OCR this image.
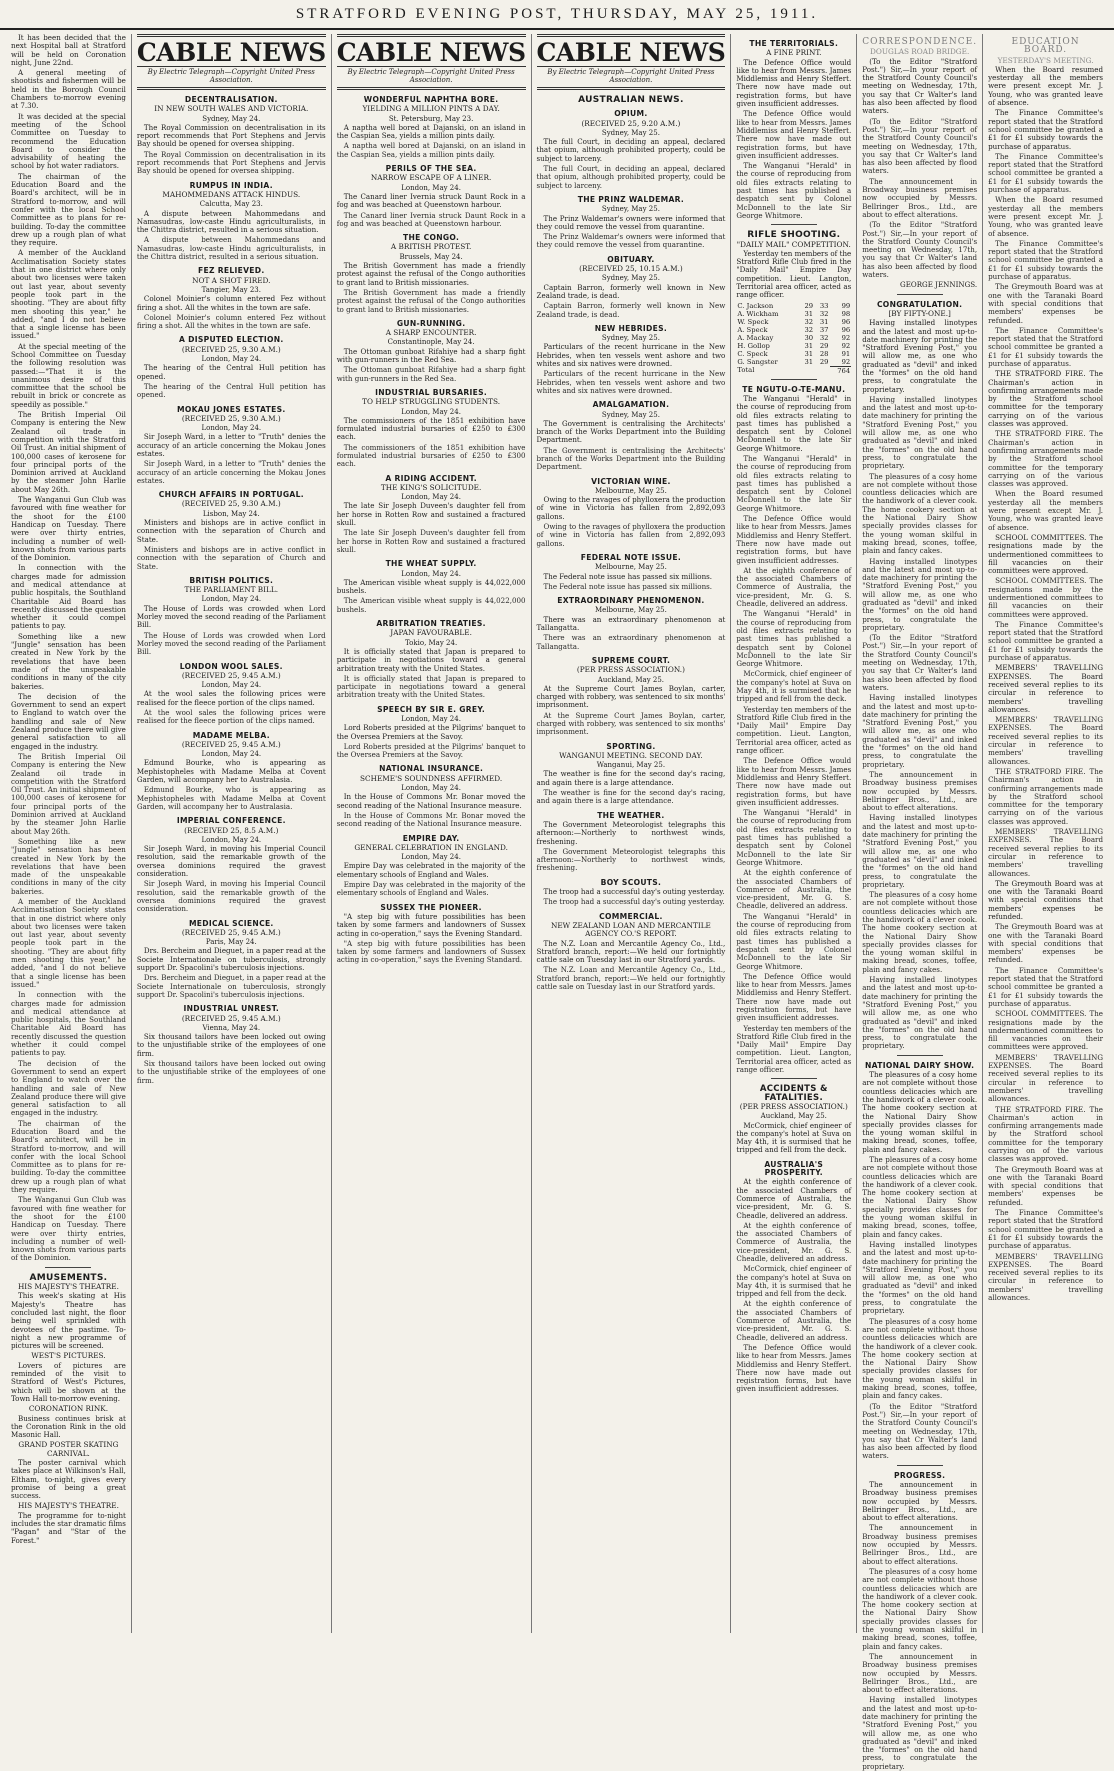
STRATFORD EVENING POST, THURSDAY, MAY 25, 1911.

It has been decided that the next Hospital ball at Stratford will be held on Coronation night, June 22nd.

A general meeting of shootists and fishermen will be held in the Borough Council Chambers to-morrow evening at 7.30.

It was decided at the special meeting of the School Committee on Tuesday to recommend the Education Board to consider the advisability of heating the school by hot water radiators.

The chairman of the Education Board and the Board's architect, will be in Stratford to-morrow, and will confer with the local School Committee as to plans for re-building. To-day the committee drew up a rough plan of what they require.

A member of the Auckland Acclimatisation Society states that in one district where only about two licenses were taken out last year, about seventy people took part in the shooting. "They are about fifty men shooting this year," he added, "and I do not believe that a single license has been issued."

At the special meeting of the School Committee on Tuesday the following resolution was passed:—"That it is the unanimous desire of this committee that the school be rebuilt in brick or concrete as speedily as possible."

The British Imperial Oil Company is entering the New Zealand oil trade in competition with the Stratford Oil Trust. An initial shipment of 100,000 cases of kerosene for four principal ports of the Dominion arrived at Auckland by the steamer John Harlie about May 26th.

The Wanganui Gun Club was favoured with fine weather for the shoot for the £100 Handicap on Tuesday. There were over thirty entries, including a number of well-known shots from various parts of the Dominion.

In connection with the charges made for admission and medical attendance at public hospitals, the Southland Charitable Aid Board has recently discussed the question whether it could compel patients to pay.

Something like a new "Jungle" sensation has been created in New York by the revelations that have been made of the unspeakable conditions in many of the city bakeries.

The decision of the Government to send an expert to England to watch over the handling and sale of New Zealand produce there will give general satisfaction to all engaged in the industry.

The British Imperial Oil Company is entering the New Zealand oil trade in competition with the Stratford Oil Trust. An initial shipment of 100,000 cases of kerosene for four principal ports of the Dominion arrived at Auckland by the steamer John Harlie about May 26th.

Something like a new "Jungle" sensation has been created in New York by the revelations that have been made of the unspeakable conditions in many of the city bakeries.

A member of the Auckland Acclimatisation Society states that in one district where only about two licenses were taken out last year, about seventy people took part in the shooting. "They are about fifty men shooting this year," he added, "and I do not believe that a single license has been issued."

In connection with the charges made for admission and medical attendance at public hospitals, the Southland Charitable Aid Board has recently discussed the question whether it could compel patients to pay.

The decision of the Government to send an expert to England to watch over the handling and sale of New Zealand produce there will give general satisfaction to all engaged in the industry.

The chairman of the Education Board and the Board's architect, will be in Stratford to-morrow, and will confer with the local School Committee as to plans for re-building. To-day the committee drew up a rough plan of what they require.

The Wanganui Gun Club was favoured with fine weather for the shoot for the £100 Handicap on Tuesday. There were over thirty entries, including a number of well-known shots from various parts of the Dominion.

AMUSEMENTS.
HIS MAJESTY'S THEATRE.

This week's skating at His Majesty's Theatre has concluded last night, the floor being well sprinkled with devotees of the pastime. To-night a new programme of pictures will be screened.

WEST'S PICTURES.

Lovers of pictures are reminded of the visit to Stratford of West's Pictures, which will be shown at the Town Hall to-morrow evening.

CORONATION RINK.

Business continues brisk at the Coronation Rink in the old Masonic Hall.

GRAND POSTER SKATING CARNIVAL.

The poster carnival which takes place at Wilkinson's Hall, Eltham, to-night, gives every promise of being a great success.

HIS MAJESTY'S THEATRE.

The programme for to-night includes the star dramatic films "Pagan" and "Star of the Forest."

CABLE NEWS
By Electric Telegraph—Copyright United Press Association.
DECENTRALISATION.
IN NEW SOUTH WALES AND VICTORIA.
Sydney, May 24.

The Royal Commission on decentralisation in its report recommends that Port Stephens and Jervis Bay should be opened for oversea shipping.

The Royal Commission on decentralisation in its report recommends that Port Stephens and Jervis Bay should be opened for oversea shipping.

RUMPUS IN INDIA.
MAHOMMEDANS ATTACK HINDUS.
Calcutta, May 23.

A dispute between Mahommedans and Namasudras, low-caste Hindu agriculturalists, in the Chittra district, resulted in a serious situation.

A dispute between Mahommedans and Namasudras, low-caste Hindu agriculturalists, in the Chittra district, resulted in a serious situation.

FEZ RELIEVED.
NOT A SHOT FIRED.
Tangier, May 23.

Colonel Moinier's column entered Fez without firing a shot. All the whites in the town are safe.

Colonel Moinier's column entered Fez without firing a shot. All the whites in the town are safe.

A DISPUTED ELECTION.
(RECEIVED 25, 9.30 A.M.)
London, May 24.

The hearing of the Central Hull petition has opened.

The hearing of the Central Hull petition has opened.

MOKAU JONES ESTATES.
(RECEIVED 25, 9.30 A.M.)
London, May 24.

Sir Joseph Ward, in a letter to "Truth" denies the accuracy of an article concerning the Mokau Jones estates.

Sir Joseph Ward, in a letter to "Truth" denies the accuracy of an article concerning the Mokau Jones estates.

CHURCH AFFAIRS IN PORTUGAL.
(RECEIVED 25, 9.30 A.M.)
Lisbon, May 24.

Ministers and bishops are in active conflict in connection with the separation of Church and State.

Ministers and bishops are in active conflict in connection with the separation of Church and State.

BRITISH POLITICS.
THE PARLIAMENT BILL.
London, May 24.

The House of Lords was crowded when Lord Morley moved the second reading of the Parliament Bill.

The House of Lords was crowded when Lord Morley moved the second reading of the Parliament Bill.

LONDON WOOL SALES.
(RECEIVED 25, 9.45 A.M.)
London, May 24.

At the wool sales the following prices were realised for the fleece portion of the clips named.

At the wool sales the following prices were realised for the fleece portion of the clips named.

MADAME MELBA.
(RECEIVED 25, 9.45 A.M.)
London, May 24.

Edmund Bourke, who is appearing as Mephistopheles with Madame Melba at Covent Garden, will accompany her to Australasia.

Edmund Bourke, who is appearing as Mephistopheles with Madame Melba at Covent Garden, will accompany her to Australasia.

IMPERIAL CONFERENCE.
(RECEIVED 25, 8.5 A.M.)
London, May 24.

Sir Joseph Ward, in moving his Imperial Council resolution, said the remarkable growth of the oversea dominions required the gravest consideration.

Sir Joseph Ward, in moving his Imperial Council resolution, said the remarkable growth of the oversea dominions required the gravest consideration.

MEDICAL SCIENCE.
(RECEIVED 25, 9.45 A.M.)
Paris, May 24.

Drs. Bercheim and Dieguet, in a paper read at the Societe Internationale on tuberculosis, strongly support Dr. Spacolini's tuberculosis injections.

Drs. Bercheim and Dieguet, in a paper read at the Societe Internationale on tuberculosis, strongly support Dr. Spacolini's tuberculosis injections.

INDUSTRIAL UNREST.
(RECEIVED 25, 9.45 A.M.)
Vienna, May 24.

Six thousand tailors have been locked out owing to the unjustifiable strike of the employees of one firm.

Six thousand tailors have been locked out owing to the unjustifiable strike of the employees of one firm.

CABLE NEWS
By Electric Telegraph—Copyright United Press Association.
WONDERFUL NAPHTHA BORE.
YIELDING A MILLION PINTS A DAY.
St. Petersburg, May 23.

A naptha well bored at Dajanski, on an island in the Caspian Sea, yields a million pints daily.

A naptha well bored at Dajanski, on an island in the Caspian Sea, yields a million pints daily.

PERILS OF THE SEA.
NARROW ESCAPE OF A LINER.
London, May 24.

The Canard liner Ivernia struck Daunt Rock in a fog and was beached at Queenstown harbour.

The Canard liner Ivernia struck Daunt Rock in a fog and was beached at Queenstown harbour.

THE CONGO.
A BRITISH PROTEST.
Brussels, May 24.

The British Government has made a friendly protest against the refusal of the Congo authorities to grant land to British missionaries.

The British Government has made a friendly protest against the refusal of the Congo authorities to grant land to British missionaries.

GUN-RUNNING.
A SHARP ENCOUNTER.
Constantinople, May 24.

The Ottoman gunboat Rifahiye had a sharp fight with gun-runners in the Red Sea.

The Ottoman gunboat Rifahiye had a sharp fight with gun-runners in the Red Sea.

INDUSTRIAL BURSARIES.
TO HELP STRUGGLING STUDENTS.
London, May 24.

The commissioners of the 1851 exhibition have formulated industrial bursaries of £250 to £300 each.

The commissioners of the 1851 exhibition have formulated industrial bursaries of £250 to £300 each.

A RIDING ACCIDENT.
THE KING'S SOLICITUDE.
London, May 24.

The late Sir Joseph Duveen's daughter fell from her horse in Rotten Row and sustained a fractured skull.

The late Sir Joseph Duveen's daughter fell from her horse in Rotten Row and sustained a fractured skull.

THE WHEAT SUPPLY.
London, May 24.

The American visible wheat supply is 44,022,000 bushels.

The American visible wheat supply is 44,022,000 bushels.

ARBITRATION TREATIES.
JAPAN FAVOURABLE.
Tokio, May 24.

It is officially stated that Japan is prepared to participate in negotiations toward a general arbitration treaty with the United States.

It is officially stated that Japan is prepared to participate in negotiations toward a general arbitration treaty with the United States.

SPEECH BY SIR E. GREY.
London, May 24.

Lord Roberts presided at the Pilgrims' banquet to the Oversea Premiers at the Savoy.

Lord Roberts presided at the Pilgrims' banquet to the Oversea Premiers at the Savoy.

NATIONAL INSURANCE.
SCHEME'S SOUNDNESS AFFIRMED.
London, May 24.

In the House of Commons Mr. Bonar moved the second reading of the National Insurance measure.

In the House of Commons Mr. Bonar moved the second reading of the National Insurance measure.

EMPIRE DAY.
GENERAL CELEBRATION IN ENGLAND.
London, May 24.

Empire Day was celebrated in the majority of the elementary schools of England and Wales.

Empire Day was celebrated in the majority of the elementary schools of England and Wales.

SUSSEX THE PIONEER.

"A step big with future possibilities has been taken by some farmers and landowners of Sussex acting in co-operation," says the Evening Standard.

"A step big with future possibilities has been taken by some farmers and landowners of Sussex acting in co-operation," says the Evening Standard.

CABLE NEWS
By Electric Telegraph—Copyright United Press Association.
AUSTRALIAN NEWS.
OPIUM.
(RECEIVED 25, 9.20 A.M.)
Sydney, May 25.

The full Court, in deciding an appeal, declared that opium, although prohibited property, could be subject to larceny.

The full Court, in deciding an appeal, declared that opium, although prohibited property, could be subject to larceny.

THE PRINZ WALDEMAR.
Sydney, May 25.

The Prinz Waldemar's owners were informed that they could remove the vessel from quarantine.

The Prinz Waldemar's owners were informed that they could remove the vessel from quarantine.

OBITUARY.
(RECEIVED 25, 10.15 A.M.)
Sydney, May 25.

Captain Barron, formerly well known in New Zealand trade, is dead.

Captain Barron, formerly well known in New Zealand trade, is dead.

NEW HEBRIDES.
Sydney, May 25.

Particulars of the recent hurricane in the New Hebrides, when ten vessels went ashore and two whites and six natives were drowned.

Particulars of the recent hurricane in the New Hebrides, when ten vessels went ashore and two whites and six natives were drowned.

AMALGAMATION.
Sydney, May 25.

The Government is centralising the Architects' branch of the Works Department into the Building Department.

The Government is centralising the Architects' branch of the Works Department into the Building Department.

VICTORIAN WINE.
Melbourne, May 25.

Owing to the ravages of phylloxera the production of wine in Victoria has fallen from 2,892,093 gallons.

Owing to the ravages of phylloxera the production of wine in Victoria has fallen from 2,892,093 gallons.

FEDERAL NOTE ISSUE.
Melbourne, May 25.

The Federal note issue has passed six millions.

The Federal note issue has passed six millions.

EXTRAORDINARY PHENOMENON.
Melbourne, May 25.

There was an extraordinary phenomenon at Tallangatta.

There was an extraordinary phenomenon at Tallangatta.

SUPREME COURT.
(PER PRESS ASSOCIATION.)
Auckland, May 25.

At the Supreme Court James Boylan, carter, charged with robbery, was sentenced to six months' imprisonment.

At the Supreme Court James Boylan, carter, charged with robbery, was sentenced to six months' imprisonment.

SPORTING.
WANGANUI MEETING. SECOND DAY.
Wanganui, May 25.

The weather is fine for the second day's racing, and again there is a large attendance.

The weather is fine for the second day's racing, and again there is a large attendance.

THE WEATHER.

The Government Meteorologist telegraphs this afternoon:—Northerly to northwest winds, freshening.

The Government Meteorologist telegraphs this afternoon:—Northerly to northwest winds, freshening.

BOY SCOUTS.

The troop had a successful day's outing yesterday.

The troop had a successful day's outing yesterday.

COMMERCIAL.
NEW ZEALAND LOAN AND MERCANTILE AGENCY CO.'S REPORT.

The N.Z. Loan and Mercantile Agency Co., Ltd., Stratford branch, report:—We held our fortnightly cattle sale on Tuesday last in our Stratford yards.

The N.Z. Loan and Mercantile Agency Co., Ltd., Stratford branch, report:—We held our fortnightly cattle sale on Tuesday last in our Stratford yards.

THE TERRITORIALS.
A FINE PRINT.

The Defence Office would like to hear from Messrs. James Middlemiss and Henry Steffert. There now have made out registration forms, but have given insufficient addresses.

The Defence Office would like to hear from Messrs. James Middlemiss and Henry Steffert. There now have made out registration forms, but have given insufficient addresses.

The Wanganui "Herald" in the course of reproducing from old files extracts relating to past times has published a despatch sent by Colonel McDonnell to the late Sir George Whitmore.

RIFLE SHOOTING.
"DAILY MAIL" COMPETITION.

Yesterday ten members of the Stratford Rifle Club fired in the "Daily Mail" Empire Day competition. Lieut. Langton, Territorial area officer, acted as range officer.

C. Jackson	29	33	99
A. Wickham	31	32	98
W. Speck	32	31	96
A. Speck	32	37	96
A. Mackay	30	32	92
H. Gollop	31	29	92
C. Speck	31	28	91
G. Sangster	31	29	92
Total			764
TE NGUTU-O-TE-MANU.

The Wanganui "Herald" in the course of reproducing from old files extracts relating to past times has published a despatch sent by Colonel McDonnell to the late Sir George Whitmore.

The Wanganui "Herald" in the course of reproducing from old files extracts relating to past times has published a despatch sent by Colonel McDonnell to the late Sir George Whitmore.

The Defence Office would like to hear from Messrs. James Middlemiss and Henry Steffert. There now have made out registration forms, but have given insufficient addresses.

At the eighth conference of the associated Chambers of Commerce of Australia, the vice-president, Mr. G. S. Cheadle, delivered an address.

The Wanganui "Herald" in the course of reproducing from old files extracts relating to past times has published a despatch sent by Colonel McDonnell to the late Sir George Whitmore.

McCormick, chief engineer of the company's hotel at Suva on May 4th, it is surmised that he tripped and fell from the deck.

Yesterday ten members of the Stratford Rifle Club fired in the "Daily Mail" Empire Day competition. Lieut. Langton, Territorial area officer, acted as range officer.

The Defence Office would like to hear from Messrs. James Middlemiss and Henry Steffert. There now have made out registration forms, but have given insufficient addresses.

The Wanganui "Herald" in the course of reproducing from old files extracts relating to past times has published a despatch sent by Colonel McDonnell to the late Sir George Whitmore.

At the eighth conference of the associated Chambers of Commerce of Australia, the vice-president, Mr. G. S. Cheadle, delivered an address.

The Wanganui "Herald" in the course of reproducing from old files extracts relating to past times has published a despatch sent by Colonel McDonnell to the late Sir George Whitmore.

The Defence Office would like to hear from Messrs. James Middlemiss and Henry Steffert. There now have made out registration forms, but have given insufficient addresses.

Yesterday ten members of the Stratford Rifle Club fired in the "Daily Mail" Empire Day competition. Lieut. Langton, Territorial area officer, acted as range officer.

ACCIDENTS & FATALITIES.
(PER PRESS ASSOCIATION.)
Auckland, May 25.

McCormick, chief engineer of the company's hotel at Suva on May 4th, it is surmised that he tripped and fell from the deck.

AUSTRALIA'S PROSPERITY.

At the eighth conference of the associated Chambers of Commerce of Australia, the vice-president, Mr. G. S. Cheadle, delivered an address.

At the eighth conference of the associated Chambers of Commerce of Australia, the vice-president, Mr. G. S. Cheadle, delivered an address.

McCormick, chief engineer of the company's hotel at Suva on May 4th, it is surmised that he tripped and fell from the deck.

At the eighth conference of the associated Chambers of Commerce of Australia, the vice-president, Mr. G. S. Cheadle, delivered an address.

The Defence Office would like to hear from Messrs. James Middlemiss and Henry Steffert. There now have made out registration forms, but have given insufficient addresses.

CORRESPONDENCE.
DOUGLAS ROAD BRIDGE.

(To the Editor "Stratford Post.") Sir,—In your report of the Stratford County Council's meeting on Wednesday, 17th, you say that Cr Walter's land has also been affected by flood waters.

(To the Editor "Stratford Post.") Sir,—In your report of the Stratford County Council's meeting on Wednesday, 17th, you say that Cr Walter's land has also been affected by flood waters.

The announcement in Broadway business premises now occupied by Messrs. Bellringer Bros., Ltd., are about to effect alterations.

(To the Editor "Stratford Post.") Sir,—In your report of the Stratford County Council's meeting on Wednesday, 17th, you say that Cr Walter's land has also been affected by flood waters.

GEORGE JENNINGS.
CONGRATULATION.
[BY FIFTY-ONE.]

Having installed linotypes and the latest and most up-to-date machinery for printing the "Stratford Evening Post," you will allow me, as one who graduated as "devil" and inked the "formes" on the old hand press, to congratulate the proprietary.

Having installed linotypes and the latest and most up-to-date machinery for printing the "Stratford Evening Post," you will allow me, as one who graduated as "devil" and inked the "formes" on the old hand press, to congratulate the proprietary.

The pleasures of a cosy home are not complete without those countless delicacies which are the handiwork of a clever cook. The home cookery section at the National Dairy Show specially provides classes for the young woman skilful in making bread, scones, toffee, plain and fancy cakes.

Having installed linotypes and the latest and most up-to-date machinery for printing the "Stratford Evening Post," you will allow me, as one who graduated as "devil" and inked the "formes" on the old hand press, to congratulate the proprietary.

(To the Editor "Stratford Post.") Sir,—In your report of the Stratford County Council's meeting on Wednesday, 17th, you say that Cr Walter's land has also been affected by flood waters.

Having installed linotypes and the latest and most up-to-date machinery for printing the "Stratford Evening Post," you will allow me, as one who graduated as "devil" and inked the "formes" on the old hand press, to congratulate the proprietary.

The announcement in Broadway business premises now occupied by Messrs. Bellringer Bros., Ltd., are about to effect alterations.

Having installed linotypes and the latest and most up-to-date machinery for printing the "Stratford Evening Post," you will allow me, as one who graduated as "devil" and inked the "formes" on the old hand press, to congratulate the proprietary.

The pleasures of a cosy home are not complete without those countless delicacies which are the handiwork of a clever cook. The home cookery section at the National Dairy Show specially provides classes for the young woman skilful in making bread, scones, toffee, plain and fancy cakes.

Having installed linotypes and the latest and most up-to-date machinery for printing the "Stratford Evening Post," you will allow me, as one who graduated as "devil" and inked the "formes" on the old hand press, to congratulate the proprietary.

NATIONAL DAIRY SHOW.

The pleasures of a cosy home are not complete without those countless delicacies which are the handiwork of a clever cook. The home cookery section at the National Dairy Show specially provides classes for the young woman skilful in making bread, scones, toffee, plain and fancy cakes.

The pleasures of a cosy home are not complete without those countless delicacies which are the handiwork of a clever cook. The home cookery section at the National Dairy Show specially provides classes for the young woman skilful in making bread, scones, toffee, plain and fancy cakes.

Having installed linotypes and the latest and most up-to-date machinery for printing the "Stratford Evening Post," you will allow me, as one who graduated as "devil" and inked the "formes" on the old hand press, to congratulate the proprietary.

The pleasures of a cosy home are not complete without those countless delicacies which are the handiwork of a clever cook. The home cookery section at the National Dairy Show specially provides classes for the young woman skilful in making bread, scones, toffee, plain and fancy cakes.

(To the Editor "Stratford Post.") Sir,—In your report of the Stratford County Council's meeting on Wednesday, 17th, you say that Cr Walter's land has also been affected by flood waters.

PROGRESS.

The announcement in Broadway business premises now occupied by Messrs. Bellringer Bros., Ltd., are about to effect alterations.

The announcement in Broadway business premises now occupied by Messrs. Bellringer Bros., Ltd., are about to effect alterations.

The pleasures of a cosy home are not complete without those countless delicacies which are the handiwork of a clever cook. The home cookery section at the National Dairy Show specially provides classes for the young woman skilful in making bread, scones, toffee, plain and fancy cakes.

The announcement in Broadway business premises now occupied by Messrs. Bellringer Bros., Ltd., are about to effect alterations.

Having installed linotypes and the latest and most up-to-date machinery for printing the "Stratford Evening Post," you will allow me, as one who graduated as "devil" and inked the "formes" on the old hand press, to congratulate the proprietary.

EDUCATION BOARD.
YESTERDAY'S MEETING.

When the Board resumed yesterday all the members were present except Mr. J. Young, who was granted leave of absence.

The Finance Committee's report stated that the Stratford school committee be granted a £1 for £1 subsidy towards the purchase of apparatus.

The Finance Committee's report stated that the Stratford school committee be granted a £1 for £1 subsidy towards the purchase of apparatus.

When the Board resumed yesterday all the members were present except Mr. J. Young, who was granted leave of absence.

The Finance Committee's report stated that the Stratford school committee be granted a £1 for £1 subsidy towards the purchase of apparatus.

The Greymouth Board was at one with the Taranaki Board with special conditions that members' expenses be refunded.

The Finance Committee's report stated that the Stratford school committee be granted a £1 for £1 subsidy towards the purchase of apparatus.

THE STRATFORD FIRE. The Chairman's action in confirming arrangements made by the Stratford school committee for the temporary carrying on of the various classes was approved.

THE STRATFORD FIRE. The Chairman's action in confirming arrangements made by the Stratford school committee for the temporary carrying on of the various classes was approved.

When the Board resumed yesterday all the members were present except Mr. J. Young, who was granted leave of absence.

SCHOOL COMMITTEES. The resignations made by the undermentioned committees to fill vacancies on their committees were approved.

SCHOOL COMMITTEES. The resignations made by the undermentioned committees to fill vacancies on their committees were approved.

The Finance Committee's report stated that the Stratford school committee be granted a £1 for £1 subsidy towards the purchase of apparatus.

MEMBERS' TRAVELLING EXPENSES. The Board received several replies to its circular in reference to members' travelling allowances.

MEMBERS' TRAVELLING EXPENSES. The Board received several replies to its circular in reference to members' travelling allowances.

THE STRATFORD FIRE. The Chairman's action in confirming arrangements made by the Stratford school committee for the temporary carrying on of the various classes was approved.

MEMBERS' TRAVELLING EXPENSES. The Board received several replies to its circular in reference to members' travelling allowances.

The Greymouth Board was at one with the Taranaki Board with special conditions that members' expenses be refunded.

The Greymouth Board was at one with the Taranaki Board with special conditions that members' expenses be refunded.

The Finance Committee's report stated that the Stratford school committee be granted a £1 for £1 subsidy towards the purchase of apparatus.

SCHOOL COMMITTEES. The resignations made by the undermentioned committees to fill vacancies on their committees were approved.

MEMBERS' TRAVELLING EXPENSES. The Board received several replies to its circular in reference to members' travelling allowances.

THE STRATFORD FIRE. The Chairman's action in confirming arrangements made by the Stratford school committee for the temporary carrying on of the various classes was approved.

The Greymouth Board was at one with the Taranaki Board with special conditions that members' expenses be refunded.

The Finance Committee's report stated that the Stratford school committee be granted a £1 for £1 subsidy towards the purchase of apparatus.

MEMBERS' TRAVELLING EXPENSES. The Board received several replies to its circular in reference to members' travelling allowances.
